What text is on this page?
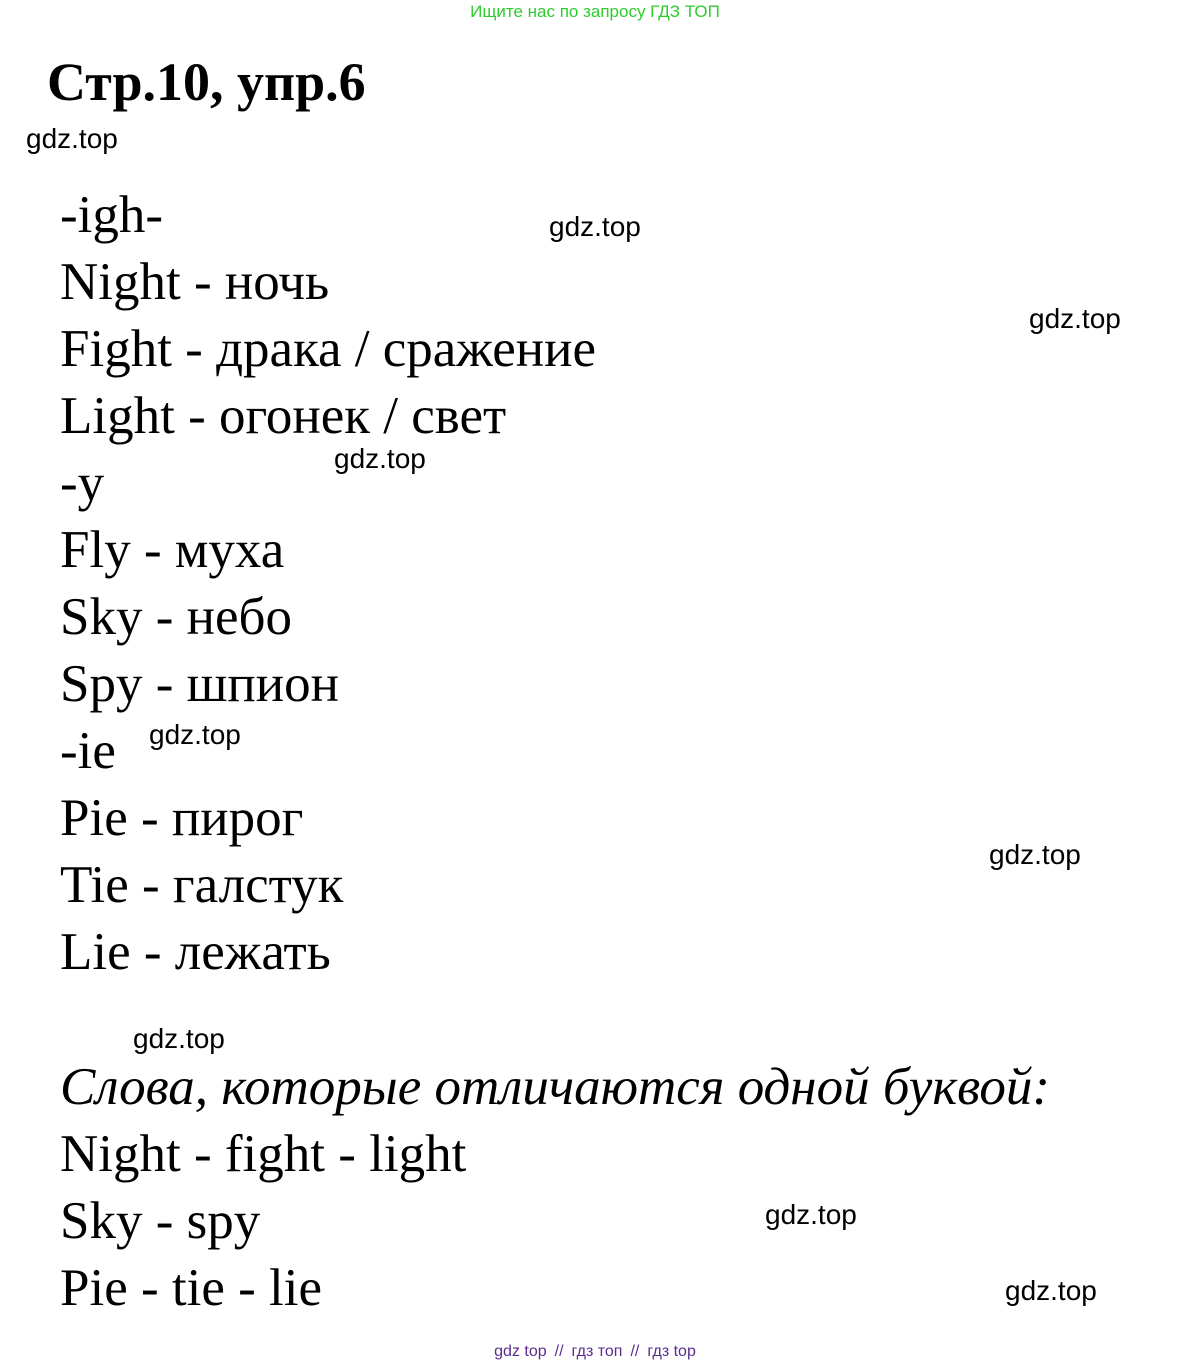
Ищите нас по запросу ГДЗ ТОП
Стр.10, упр.6
gdz.top
-igh-
Night - ночь
Fight - драка / сражение
Light - огонек / свет
-y
Fly - муха
Sky - небо
Spy - шпион
-ie
Pie - пирог
Tie - галстук
Lie - лежать
Слова, которые отличаются одной буквой:
Night - fight - light
Sky - spy
Pie - tie - lie
gdz.top
gdz.top
gdz.top
gdz.top
gdz.top
gdz.top
gdz.top
gdz.top
gdz top // гдз топ // гдз top
